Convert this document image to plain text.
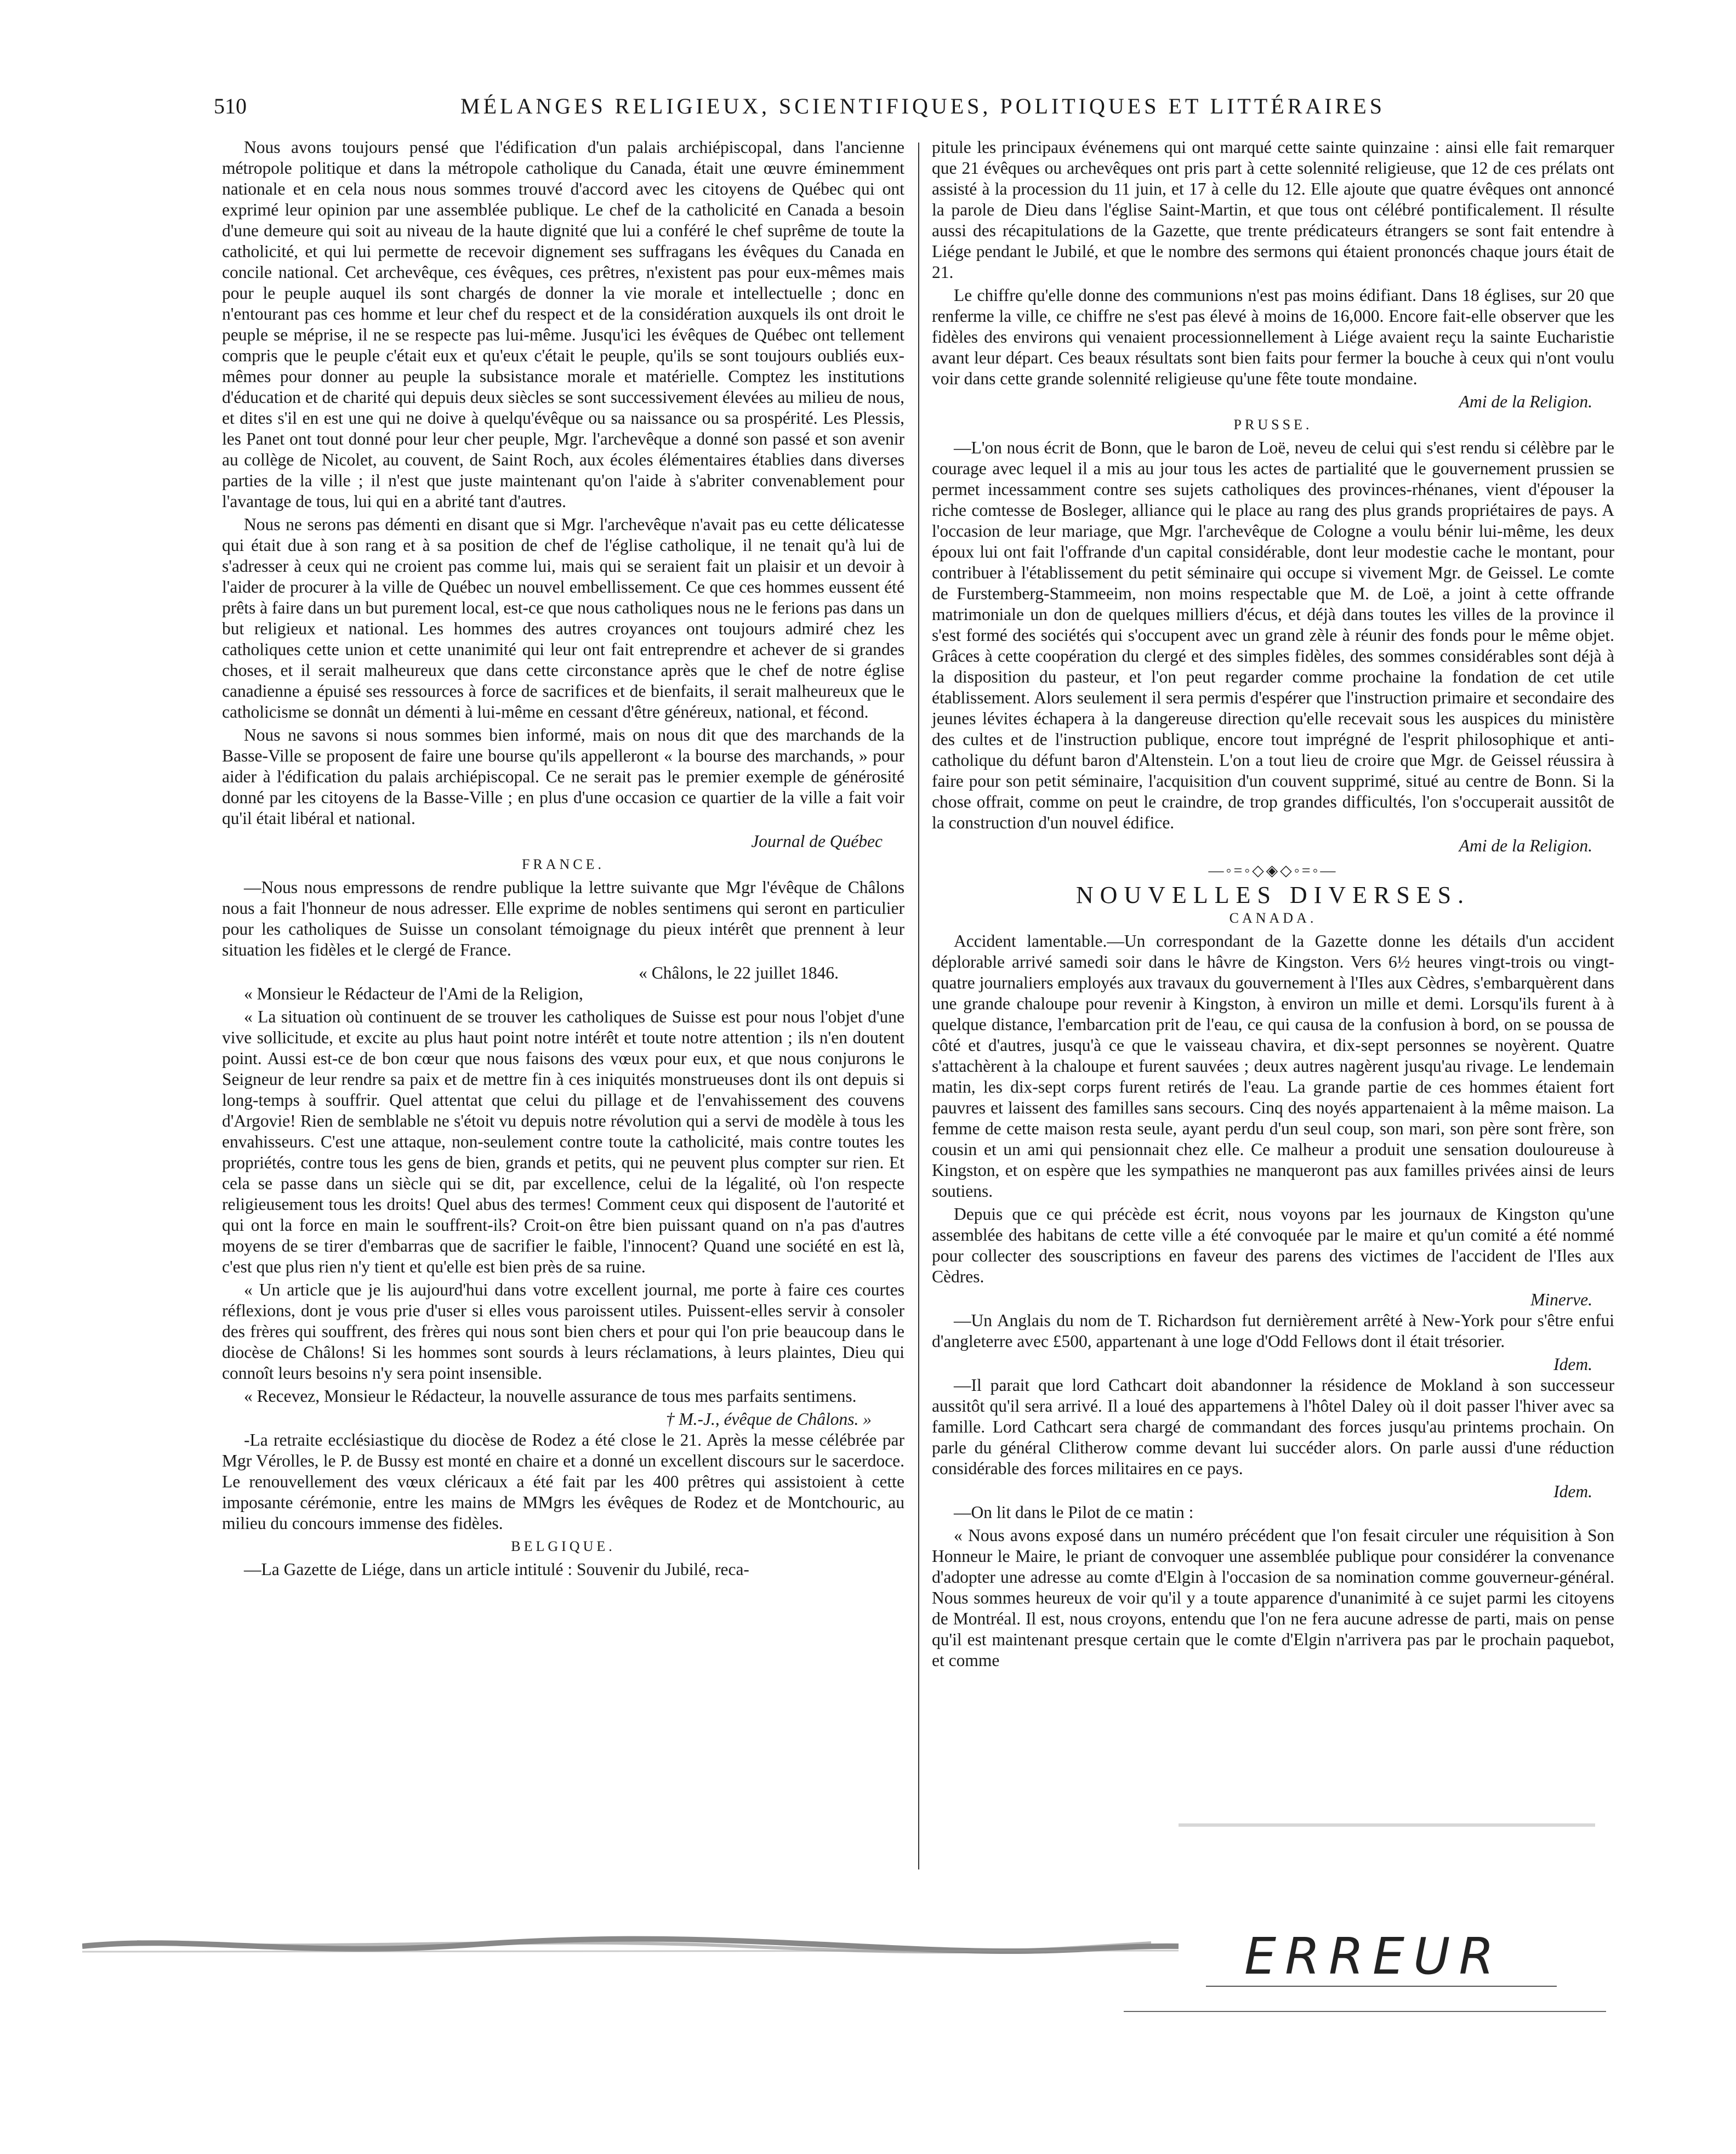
510	MÉLANGES RELIGIEUX, SCIENTIFIQUES, POLITIQUES ET LITTÉRAIRES

Nous avons toujours pensé que l'édification d'un palais archiépiscopal, dans l'ancienne métropole politique et dans la métropole catholique du Canada, était une œuvre éminemment nationale et en cela nous nous sommes trouvé d'accord avec les citoyens de Québec qui ont exprimé leur opinion par une assemblée publique. Le chef de la catholicité en Canada a besoin d'une demeure qui soit au niveau de la haute dignité que lui a conféré le chef suprême de toute la catholicité, et qui lui permette de recevoir dignement ses suffragans les évêques du Canada en concile national. Cet archevêque, ces évêques, ces prêtres, n'existent pas pour eux-mêmes mais pour le peuple auquel ils sont chargés de donner la vie morale et intellectuelle ; donc en n'entourant pas ces homme et leur chef du respect et de la considération auxquels ils ont droit le peuple se méprise, il ne se respecte pas lui-même. Jusqu'ici les évêques de Québec ont tellement compris que le peuple c'était eux et qu'eux c'était le peuple, qu'ils se sont toujours oubliés eux-mêmes pour donner au peuple la subsistance morale et matérielle. Comptez les institutions d'éducation et de charité qui depuis deux siècles se sont successivement élevées au milieu de nous, et dites s'il en est une qui ne doive à quelqu'évêque ou sa naissance ou sa prospérité. Les Plessis, les Panet ont tout donné pour leur cher peuple, Mgr. l'archevêque a donné son passé et son avenir au collège de Nicolet, au couvent, de Saint Roch, aux écoles élémentaires établies dans diverses parties de la ville ; il n'est que juste maintenant qu'on l'aide à s'abriter convenablement pour l'avantage de tous, lui qui en a abrité tant d'autres.

Nous ne serons pas démenti en disant que si Mgr. l'archevêque n'avait pas eu cette délicatesse qui était due à son rang et à sa position de chef de l'église catholique, il ne tenait qu'à lui de s'adresser à ceux qui ne croient pas comme lui, mais qui se seraient fait un plaisir et un devoir à l'aider de procurer à la ville de Québec un nouvel embellissement. Ce que ces hommes eussent été prêts à faire dans un but purement local, est-ce que nous catholiques nous ne le ferions pas dans un but religieux et national. Les hommes des autres croyances ont toujours admiré chez les catholiques cette union et cette unanimité qui leur ont fait entreprendre et achever de si grandes choses, et il serait malheureux que dans cette circonstance après que le chef de notre église canadienne a épuisé ses ressources à force de sacrifices et de bienfaits, il serait malheureux que le catholicisme se donnât un démenti à lui-même en cessant d'être généreux, national, et fécond.

Nous ne savons si nous sommes bien informé, mais on nous dit que des marchands de la Basse-Ville se proposent de faire une bourse qu'ils appelleront « la bourse des marchands, » pour aider à l'édification du palais archiépiscopal. Ce ne serait pas le premier exemple de générosité donné par les citoyens de la Basse-Ville ; en plus d'une occasion ce quartier de la ville a fait voir qu'il était libéral et national.

Journal de Québec
FRANCE.

—Nous nous empressons de rendre publique la lettre suivante que Mgr l'évêque de Châlons nous a fait l'honneur de nous adresser. Elle exprime de nobles sentimens qui seront en particulier pour les catholiques de Suisse un consolant témoignage du pieux intérêt que prennent à leur situation les fidèles et le clergé de France.

« Châlons, le 22 juillet 1846.

« Monsieur le Rédacteur de l'Ami de la Religion,

« La situation où continuent de se trouver les catholiques de Suisse est pour nous l'objet d'une vive sollicitude, et excite au plus haut point notre intérêt et toute notre attention ; ils n'en doutent point. Aussi est-ce de bon cœur que nous faisons des vœux pour eux, et que nous conjurons le Seigneur de leur rendre sa paix et de mettre fin à ces iniquités monstrueuses dont ils ont depuis si long-temps à souffrir. Quel attentat que celui du pillage et de l'envahissement des couvens d'Argovie! Rien de semblable ne s'étoit vu depuis notre révolution qui a servi de modèle à tous les envahisseurs. C'est une attaque, non-seulement contre toute la catholicité, mais contre toutes les propriétés, contre tous les gens de bien, grands et petits, qui ne peuvent plus compter sur rien. Et cela se passe dans un siècle qui se dit, par excellence, celui de la légalité, où l'on respecte religieusement tous les droits! Quel abus des termes! Comment ceux qui disposent de l'autorité et qui ont la force en main le souffrent-ils? Croit-on être bien puissant quand on n'a pas d'autres moyens de se tirer d'embarras que de sacrifier le faible, l'innocent? Quand une société en est là, c'est que plus rien n'y tient et qu'elle est bien près de sa ruine.

« Un article que je lis aujourd'hui dans votre excellent journal, me porte à faire ces courtes réflexions, dont je vous prie d'user si elles vous paroissent utiles. Puissent-elles servir à consoler des frères qui souffrent, des frères qui nous sont bien chers et pour qui l'on prie beaucoup dans le diocèse de Châlons! Si les hommes sont sourds à leurs réclamations, à leurs plaintes, Dieu qui connoît leurs besoins n'y sera point insensible.

« Recevez, Monsieur le Rédacteur, la nouvelle assurance de tous mes parfaits sentimens.

† M.-J., évêque de Châlons. »

-La retraite ecclésiastique du diocèse de Rodez a été close le 21. Après la messe célébrée par Mgr Vérolles, le P. de Bussy est monté en chaire et a donné un excellent discours sur le sacerdoce. Le renouvellement des vœux cléricaux a été fait par les 400 prêtres qui assistoient à cette imposante cérémonie, entre les mains de MMgrs les évêques de Rodez et de Montchouric, au milieu du concours immense des fidèles.

BELGIQUE.

—La Gazette de Liége, dans un article intitulé : Souvenir du Jubilé, reca-

pitule les principaux événemens qui ont marqué cette sainte quinzaine : ainsi elle fait remarquer que 21 évêques ou archevêques ont pris part à cette solennité religieuse, que 12 de ces prélats ont assisté à la procession du 11 juin, et 17 à celle du 12. Elle ajoute que quatre évêques ont annoncé la parole de Dieu dans l'église Saint-Martin, et que tous ont célébré pontificalement. Il résulte aussi des récapitulations de la Gazette, que trente prédicateurs étrangers se sont fait entendre à Liége pendant le Jubilé, et que le nombre des sermons qui étaient prononcés chaque jours était de 21.

Le chiffre qu'elle donne des communions n'est pas moins édifiant. Dans 18 églises, sur 20 que renferme la ville, ce chiffre ne s'est pas élevé à moins de 16,000. Encore fait-elle observer que les fidèles des environs qui venaient processionnellement à Liége avaient reçu la sainte Eucharistie avant leur départ. Ces beaux résultats sont bien faits pour fermer la bouche à ceux qui n'ont voulu voir dans cette grande solennité religieuse qu'une fête toute mondaine.

Ami de la Religion.
PRUSSE.

—L'on nous écrit de Bonn, que le baron de Loë, neveu de celui qui s'est rendu si célèbre par le courage avec lequel il a mis au jour tous les actes de partialité que le gouvernement prussien se permet incessamment contre ses sujets catholiques des provinces-rhénanes, vient d'épouser la riche comtesse de Bosleger, alliance qui le place au rang des plus grands propriétaires de pays. A l'occasion de leur mariage, que Mgr. l'archevêque de Cologne a voulu bénir lui-même, les deux époux lui ont fait l'offrande d'un capital considérable, dont leur modestie cache le montant, pour contribuer à l'établissement du petit séminaire qui occupe si vivement Mgr. de Geissel. Le comte de Furstemberg-Stammeeim, non moins respectable que M. de Loë, a joint à cette offrande matrimoniale un don de quelques milliers d'écus, et déjà dans toutes les villes de la province il s'est formé des sociétés qui s'occupent avec un grand zèle à réunir des fonds pour le même objet. Grâces à cette coopération du clergé et des simples fidèles, des sommes considérables sont déjà à la disposition du pasteur, et l'on peut regarder comme prochaine la fondation de cet utile établissement. Alors seulement il sera permis d'espérer que l'instruction primaire et secondaire des jeunes lévites échapera à la dangereuse direction qu'elle recevait sous les auspices du ministère des cultes et de l'instruction publique, encore tout imprégné de l'esprit philosophique et anti-catholique du défunt baron d'Altenstein. L'on a tout lieu de croire que Mgr. de Geissel réussira à faire pour son petit séminaire, l'acquisition d'un couvent supprimé, situé au centre de Bonn. Si la chose offrait, comme on peut le craindre, de trop grandes difficultés, l'on s'occuperait aussitôt de la construction d'un nouvel édifice.

Ami de la Religion.
—◦=◦◇◈◇◦=◦—
NOUVELLES DIVERSES.
CANADA.

Accident lamentable.—Un correspondant de la Gazette donne les détails d'un accident déplorable arrivé samedi soir dans le hâvre de Kingston. Vers 6½ heures vingt-trois ou vingt-quatre journaliers employés aux travaux du gouvernement à l'Iles aux Cèdres, s'embarquèrent dans une grande chaloupe pour revenir à Kingston, à environ un mille et demi. Lorsqu'ils furent à à quelque distance, l'embarcation prit de l'eau, ce qui causa de la confusion à bord, on se poussa de côté et d'autres, jusqu'à ce que le vaisseau chavira, et dix-sept personnes se noyèrent. Quatre s'attachèrent à la chaloupe et furent sauvées ; deux autres nagèrent jusqu'au rivage. Le lendemain matin, les dix-sept corps furent retirés de l'eau. La grande partie de ces hommes étaient fort pauvres et laissent des familles sans secours. Cinq des noyés appartenaient à la même maison. La femme de cette maison resta seule, ayant perdu d'un seul coup, son mari, son père sont frère, son cousin et un ami qui pensionnait chez elle. Ce malheur a produit une sensation douloureuse à Kingston, et on espère que les sympathies ne manqueront pas aux familles privées ainsi de leurs soutiens.

Depuis que ce qui précède est écrit, nous voyons par les journaux de Kingston qu'une assemblée des habitans de cette ville a été convoquée par le maire et qu'un comité a été nommé pour collecter des souscriptions en faveur des parens des victimes de l'accident de l'Iles aux Cèdres.

Minerve.

—Un Anglais du nom de T. Richardson fut dernièrement arrêté à New-York pour s'être enfui d'angleterre avec £500, appartenant à une loge d'Odd Fellows dont il était trésorier.

Idem.

—Il parait que lord Cathcart doit abandonner la résidence de Mokland à son successeur aussitôt qu'il sera arrivé. Il a loué des appartemens à l'hôtel Daley où il doit passer l'hiver avec sa famille. Lord Cathcart sera chargé de commandant des forces jusqu'au printems prochain. On parle du général Clitherow comme devant lui succéder alors. On parle aussi d'une réduction considérable des forces militaires en ce pays.

Idem.

—On lit dans le Pilot de ce matin :

« Nous avons exposé dans un numéro précédent que l'on fesait circuler une réquisition à Son Honneur le Maire, le priant de convoquer une assemblée publique pour considérer la convenance d'adopter une adresse au comte d'Elgin à l'occasion de sa nomination comme gouverneur-général. Nous sommes heureux de voir qu'il y a toute apparence d'unanimité à ce sujet parmi les citoyens de Montréal. Il est, nous croyons, entendu que l'on ne fera aucune adresse de parti, mais on pense qu'il est maintenant presque certain que le comte d'Elgin n'arrivera pas par le prochain paquebot, et comme

ERREUR
